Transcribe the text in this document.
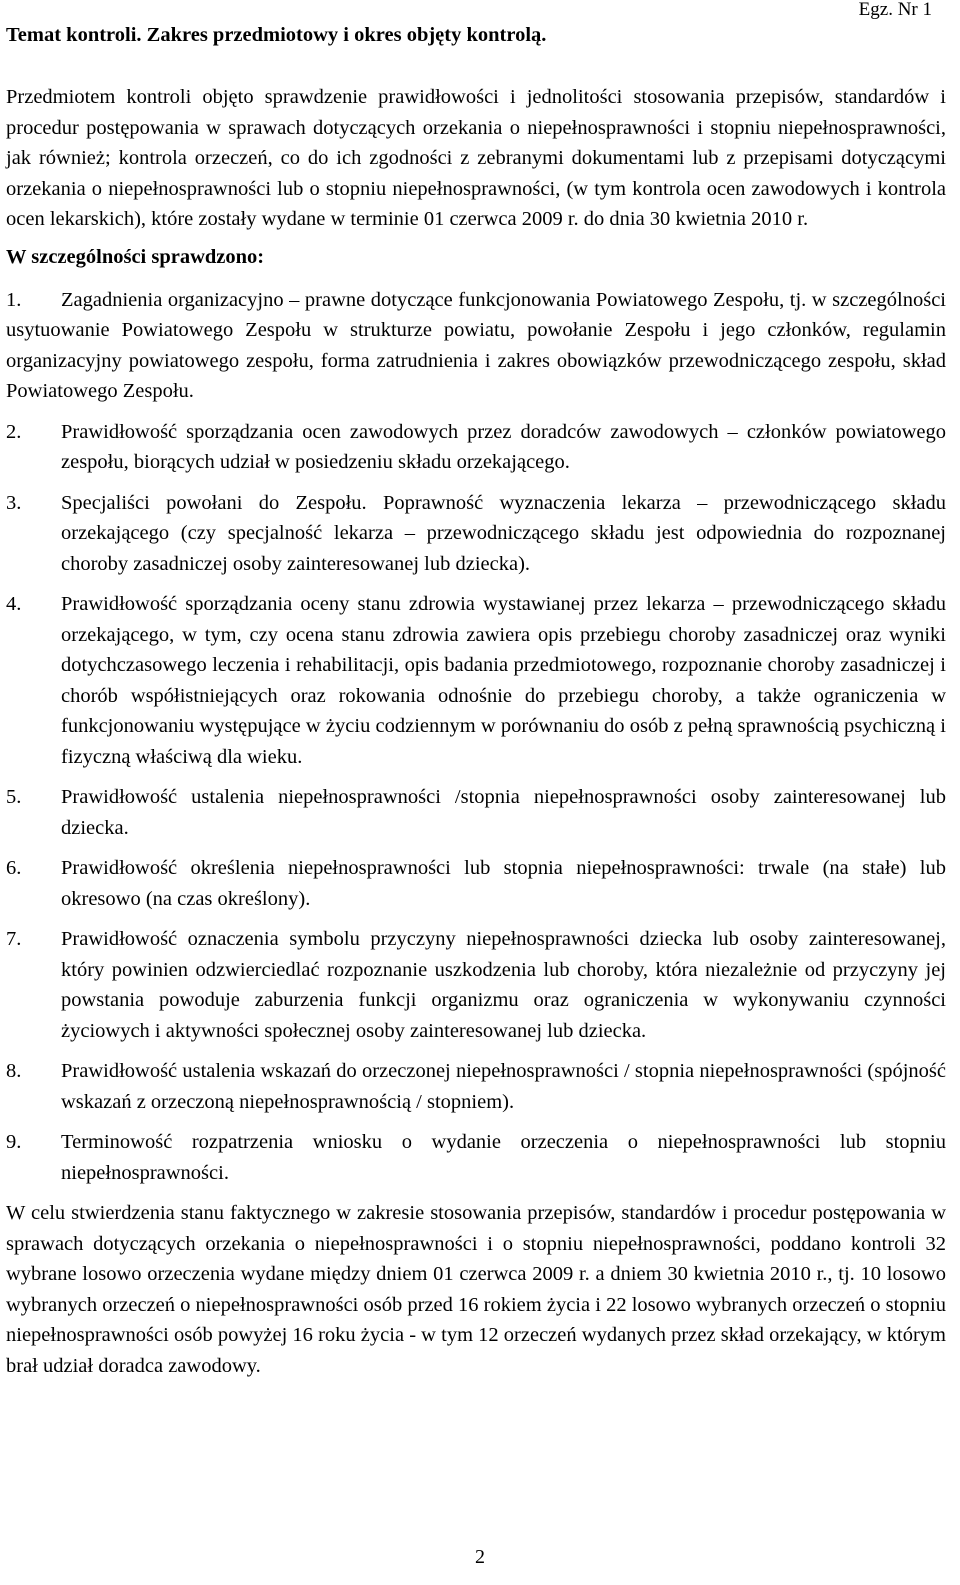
Egz. Nr 1

Temat kontroli. Zakres przedmiotowy i okres objęty kontrolą.

Przedmiotem kontroli objęto sprawdzenie prawidłowości i jednolitości stosowania przepisów, standardów i procedur postępowania w sprawach dotyczących orzekania o niepełnosprawności i stopniu niepełnosprawności, jak również; kontrola orzeczeń, co do ich zgodności z zebranymi dokumentami lub z przepisami dotyczącymi orzekania o niepełnosprawności lub o stopniu niepełnosprawności, (w tym kontrola ocen zawodowych i kontrola ocen lekarskich), które zostały wydane w terminie 01 czerwca 2009 r. do dnia 30 kwietnia 2010 r.

W szczególności sprawdzono:

1. Zagadnienia organizacyjno – prawne dotyczące funkcjonowania Powiatowego Zespołu, tj. w szczególności usytuowanie Powiatowego Zespołu w strukturze powiatu, powołanie Zespołu i jego członków, regulamin organizacyjny powiatowego zespołu, forma zatrudnienia i zakres obowiązków przewodniczącego zespołu, skład Powiatowego Zespołu.
2. Prawidłowość sporządzania ocen zawodowych przez doradców zawodowych – członków powiatowego zespołu, biorących udział w posiedzeniu składu orzekającego.
3. Specjaliści powołani do Zespołu. Poprawność wyznaczenia lekarza – przewodniczącego składu orzekającego (czy specjalność lekarza – przewodniczącego składu jest odpowiednia do rozpoznanej choroby zasadniczej osoby zainteresowanej lub dziecka).
4. Prawidłowość sporządzania oceny stanu zdrowia wystawianej przez lekarza – przewodniczącego składu orzekającego, w tym, czy ocena stanu zdrowia zawiera opis przebiegu choroby zasadniczej oraz wyniki dotychczasowego leczenia i rehabilitacji, opis badania przedmiotowego, rozpoznanie choroby zasadniczej i chorób współistniejących oraz rokowania odnośnie do przebiegu choroby, a także ograniczenia w funkcjonowaniu występujące w życiu codziennym w porównaniu do osób z pełną sprawnością psychiczną i fizyczną właściwą dla wieku.
5. Prawidłowość ustalenia niepełnosprawności /stopnia niepełnosprawności osoby zainteresowanej lub dziecka.
6. Prawidłowość określenia niepełnosprawności lub stopnia niepełnosprawności: trwale (na stałe) lub okresowo (na czas określony).
7. Prawidłowość oznaczenia symbolu przyczyny niepełnosprawności dziecka lub osoby zainteresowanej, który powinien odzwierciedlać rozpoznanie uszkodzenia lub choroby, która niezależnie od przyczyny jej powstania powoduje zaburzenia funkcji organizmu oraz ograniczenia w wykonywaniu czynności życiowych i aktywności społecznej osoby zainteresowanej lub dziecka.
8. Prawidłowość ustalenia wskazań do orzeczonej niepełnosprawności / stopnia niepełnosprawności (spójność wskazań z orzeczoną niepełnosprawnością / stopniem).
9. Terminowość rozpatrzenia wniosku o wydanie orzeczenia o niepełnosprawności lub stopniu niepełnosprawności.

W celu stwierdzenia stanu faktycznego w zakresie stosowania przepisów, standardów i procedur postępowania w sprawach dotyczących orzekania o niepełnosprawności i o stopniu niepełnosprawności, poddano kontroli 32 wybrane losowo orzeczenia wydane między dniem 01 czerwca 2009 r. a dniem 30 kwietnia 2010 r., tj. 10 losowo wybranych orzeczeń o niepełnosprawności osób przed 16 rokiem życia i 22 losowo wybranych orzeczeń o stopniu niepełnosprawności osób powyżej 16 roku życia - w tym 12 orzeczeń wydanych przez skład orzekający, w którym brał udział doradca zawodowy.

2
